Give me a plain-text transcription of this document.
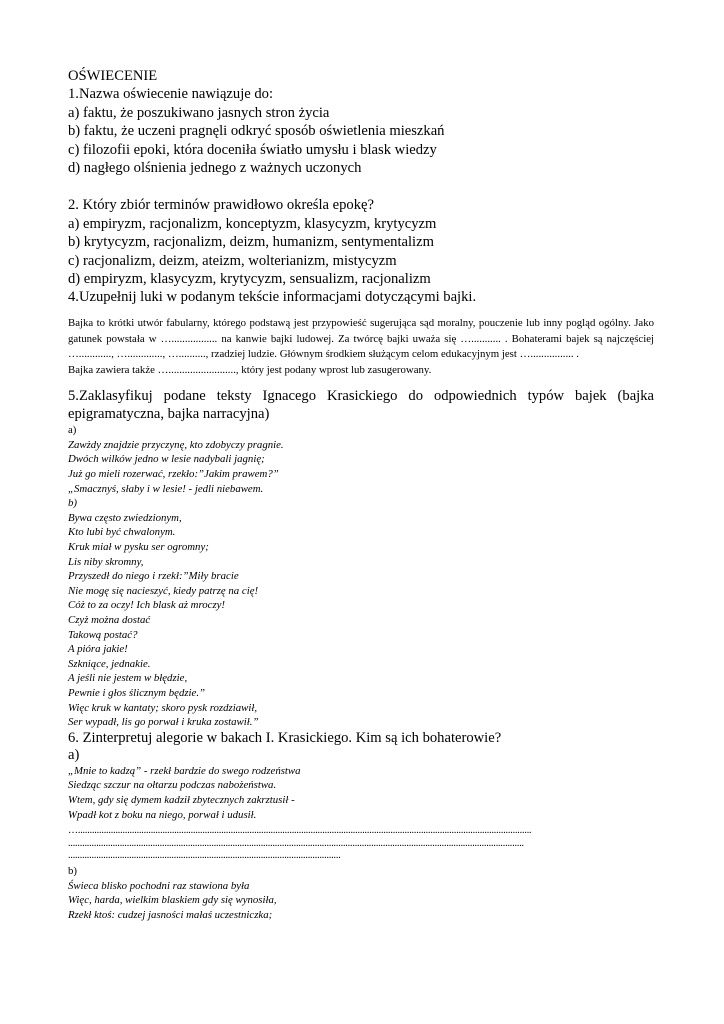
OŚWIECENIE
1.Nazwa oświecenie nawiązuje do:
a) faktu, że poszukiwano jasnych stron życia
b) faktu, że uczeni pragnęli odkryć sposób oświetlenia mieszkań
c) filozofii epoki, która doceniła światło umysłu i blask wiedzy
d) nagłego olśnienia jednego z ważnych uczonych
2. Który zbiór terminów prawidłowo określa epokę?
a) empiryzm, racjonalizm, konceptyzm, klasycyzm, krytycyzm
b) krytycyzm, racjonalizm, deizm, humanizm, sentymentalizm
c) racjonalizm, deizm, ateizm, wolterianizm, mistycyzm
d) empiryzm, klasycyzm, krytycyzm, sensualizm, racjonalizm
4.Uzupełnij luki w podanym tekście informacjami dotyczącymi bajki.
Bajka to krótki utwór fabularny, którego podstawą jest przypowieść sugerująca sąd moralny, pouczenie lub inny pogląd ogólny. Jako gatunek powstała w …................. na kanwie bajki ludowej. Za twórcę bajki uważa się …........... . Bohaterami bajek są najczęściej …............, …............., ….........., rzadziej ludzie. Głównym środkiem służącym celom edukacyjnym jest …................ .
Bajka zawiera także …........................., który jest podany wprost lub zasugerowany.
5.Zaklasyfikuj podane teksty Ignacego Krasickiego do odpowiednich typów bajek (bajka epigramatyczna, bajka narracyjna)
a)
Zawżdy znajdzie przyczynę, kto zdobyczy pragnie.
Dwóch wilków jedno w lesie nadybali jagnię;
Już go mieli rozerwać, rzekło:”Jakim prawem?”
„Smacznyś, słaby i w lesie! - jedli niebawem.
b)
Bywa często zwiedzionym,
Kto lubi być chwalonym.
Kruk miał w pysku ser ogromny;
Lis niby skromny,
Przyszedł do niego i rzekł:”Miły bracie
Nie mogę się nacieszyć, kiedy patrzę na cię!
Cóż to za oczy! Ich blask aż mroczy!
Czyż można dostać
Takową postać?
A pióra jakie!
Szkniące, jednakie.
A jeśli nie jestem w błędzie,
Pewnie i głos ślicznym będzie.”
Więc kruk w kantaty; skoro pysk rozdziawił,
Ser wypadł, lis go porwał i kruka zostawił.”
6. Zinterpretuj alegorie w bakach I. Krasickiego. Kim są ich bohaterowie?
a)
„Mnie to kadzą” - rzekł bardzie do swego rodzeństwa
Siedząc szczur na ołtarzu podczas nabożeństwa.
Wtem, gdy się dymem kadził zbytecznych zakrztusił -
Wpadł kot z boku na niego, porwał i udusił.
….................................................................................................................................................................................................
..................................................................................................................................................................................................
....................................................................................................................
b)
Świeca blisko pochodni raz stawiona była
Więc, harda, wielkim blaskiem gdy się wynosiła,
Rzekł ktoś: cudzej jasności małaś uczestniczka;
